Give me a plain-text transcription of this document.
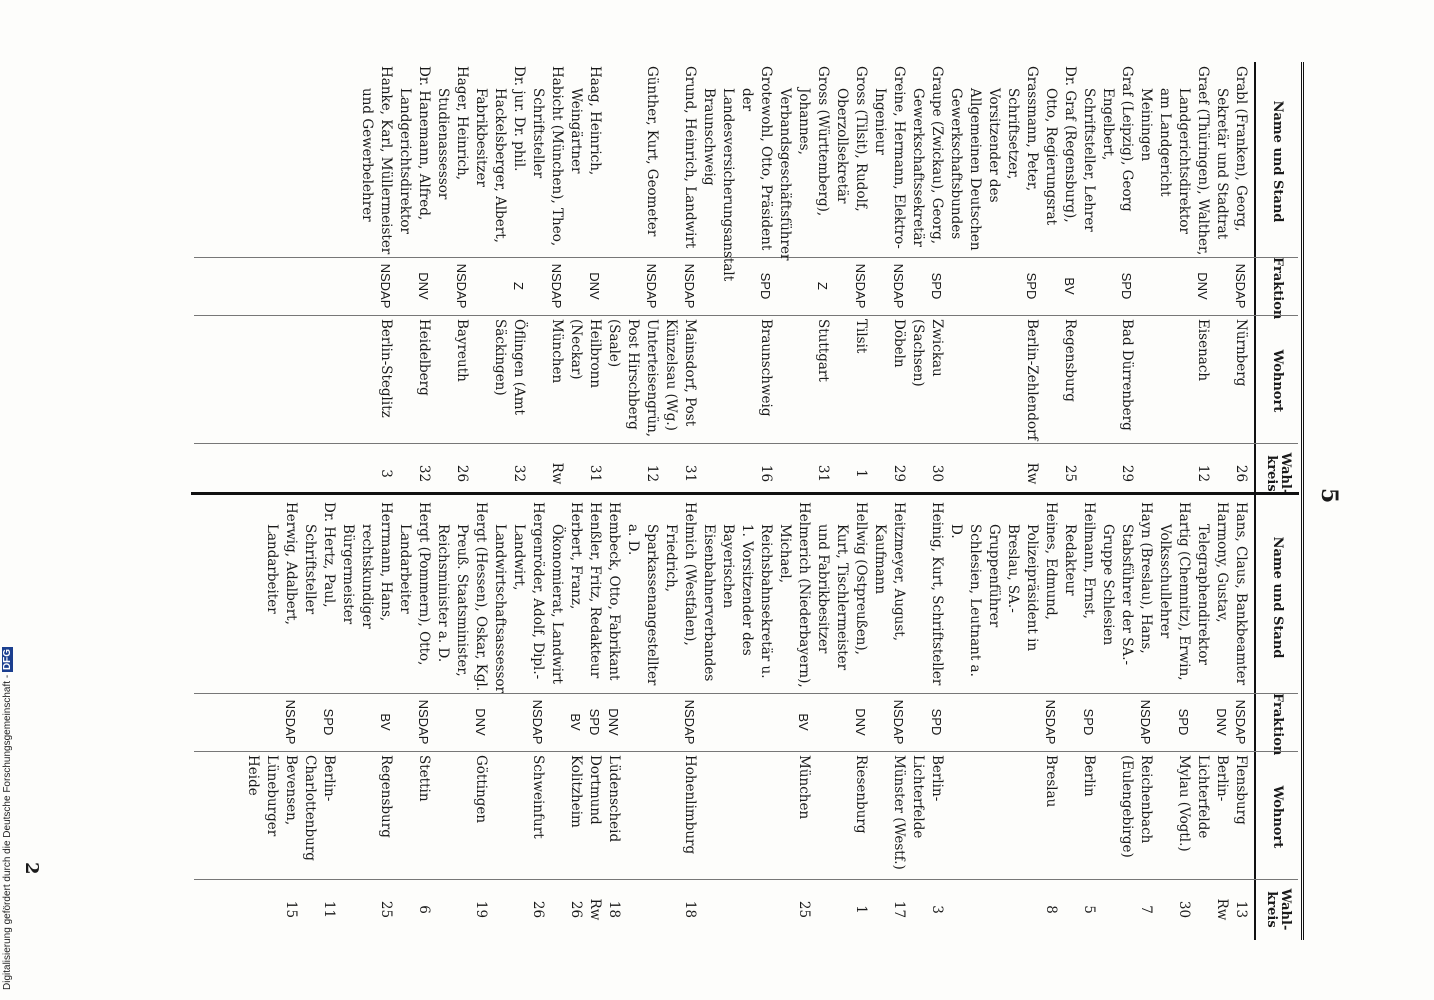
5
Name und Stand
Fraktion
Wohnort
Wahl-kreis
Grabl (Franken), Georg, Sekretär und Stadtrat
NSDAP
Nürnberg
26
Graef (Thüringen), Walther, Landgerichtsdirektor am Landgericht Meiningen
DNV
Eisenach
12
Graf (Leipzig), Georg Engelbert, Schriftsteller, Lehrer
SPD
Bad Dürrenberg
29
Dr. Graf (Regensburg), Otto, Regierungsrat
BV
Regensburg
25
Grassmann, Peter, Schriftsetzer, Vorsitzender des Allgemeinen Deutschen Gewerkschaftsbundes
SPD
Berlin-Zehlendorf
Rw
Graupe (Zwickau), Georg, Gewerkschaftssekretär
SPD
Zwickau (Sachsen)
30
Greine, Hermann, Elektro-Ingenieur
NSDAP
Döbeln
29
Gross (Tilsit), Rudolf, Oberzollsekretär
NSDAP
Tilsit
1
Gross (Württemberg), Johannes, Verbandsgeschäftsführer
Z
Stuttgart
31
Grotewohl, Otto, Präsident der Landesversicherungsanstalt Braunschweig
SPD
Braunschweig
16
Grund, Heinrich, Landwirt
NSDAP
Mainsdorf, Post Künzelsau (Wg.)
31
Günther, Kurt, Geometer
NSDAP
Unterteisengrün, Post Hirschberg (Saale)
12
Haag, Heinrich, Weingärtner
DNV
Heilbronn (Neckar)
31
Habicht (München), Theo, Schriftsteller
NSDAP
München
Rw
Dr. jur. Dr. phil. Hackelsberger, Albert, Fabrikbesitzer
Z
Öflingen (Amt Säckingen)
32
Hager, Heinrich, Studienassessor
NSDAP
Bayreuth
26
Dr. Hanemann, Alfred, Landgerichtsdirektor
DNV
Heidelberg
32
Hanke, Karl, Müllermeister und Gewerbelehrer
NSDAP
Berlin-Steglitz
3
Name und Stand
Fraktion
Wohnort
Wahl-kreis
Hans, Claus, Bankbeamter
NSDAP
Flensburg
13
Harmony, Gustav, Telegraphendirektor
DNV
Berlin-Lichterfelde
Rw
Hartig (Chemnitz), Erwin, Volksschullehrer
SPD
Mylau (Vogtl.)
30
Hayn (Breslau), Hans, Stabsführer der SA.-Gruppe Schlesien
NSDAP
Reichenbach (Eulengebirge)
7
Heilmann, Ernst, Redakteur
SPD
Berlin
5
Heines, Edmund, Polizeipräsident in Breslau, SA.-Gruppenführer Schlesien, Leutnant a. D.
NSDAP
Breslau
8
Heinig, Kurt, Schriftsteller
SPD
Berlin-Lichterfelde
3
Heitzmeyer, August, Kaufmann
NSDAP
Münster (Westf.)
17
Hellwig (Ostpreußen), Kurt, Tischlermeister und Fabrikbesitzer
DNV
Riesenburg
1
Helmerich (Niederbayern), Michael, Reichsbahnsekretär u. 1. Vorsitzender des Bayerischen Eisenbahnerverbandes
BV
München
25
Helmich (Westfalen), Friedrich, Sparkassenangestellter a. D.
NSDAP
Hohenlimburg
18
Hembeck, Otto, Fabrikant
DNV
Lüdenscheid
18
Henßler, Fritz, Redakteur
SPD
Dortmund
Rw
Herbert, Franz, Ökonomierat, Landwirt
BV
Kolitzheim
26
Hergenröder, Adolf, Dipl.-Landwirt, Landwirtschaftsassessor
NSDAP
Schweinfurt
26
Hergt (Hessen), Oskar, Kgl. Preuß. Staatsminister, Reichsminister a. D.
DNV
Göttingen
19
Hergt (Pommern), Otto, Landarbeiter
NSDAP
Stettin
6
Herrmann, Hans, rechtskundiger Bürgermeister
BV
Regensburg
25
Dr. Hertz, Paul, Schriftsteller
SPD
Berlin-Charlottenburg
11
Herwig, Adalbert, Landarbeiter
NSDAP
Bevensen, Lüneburger Heide
15
2
Digitalisierung gefördert durch die Deutsche Forschungsgemeinschaft - DFG
